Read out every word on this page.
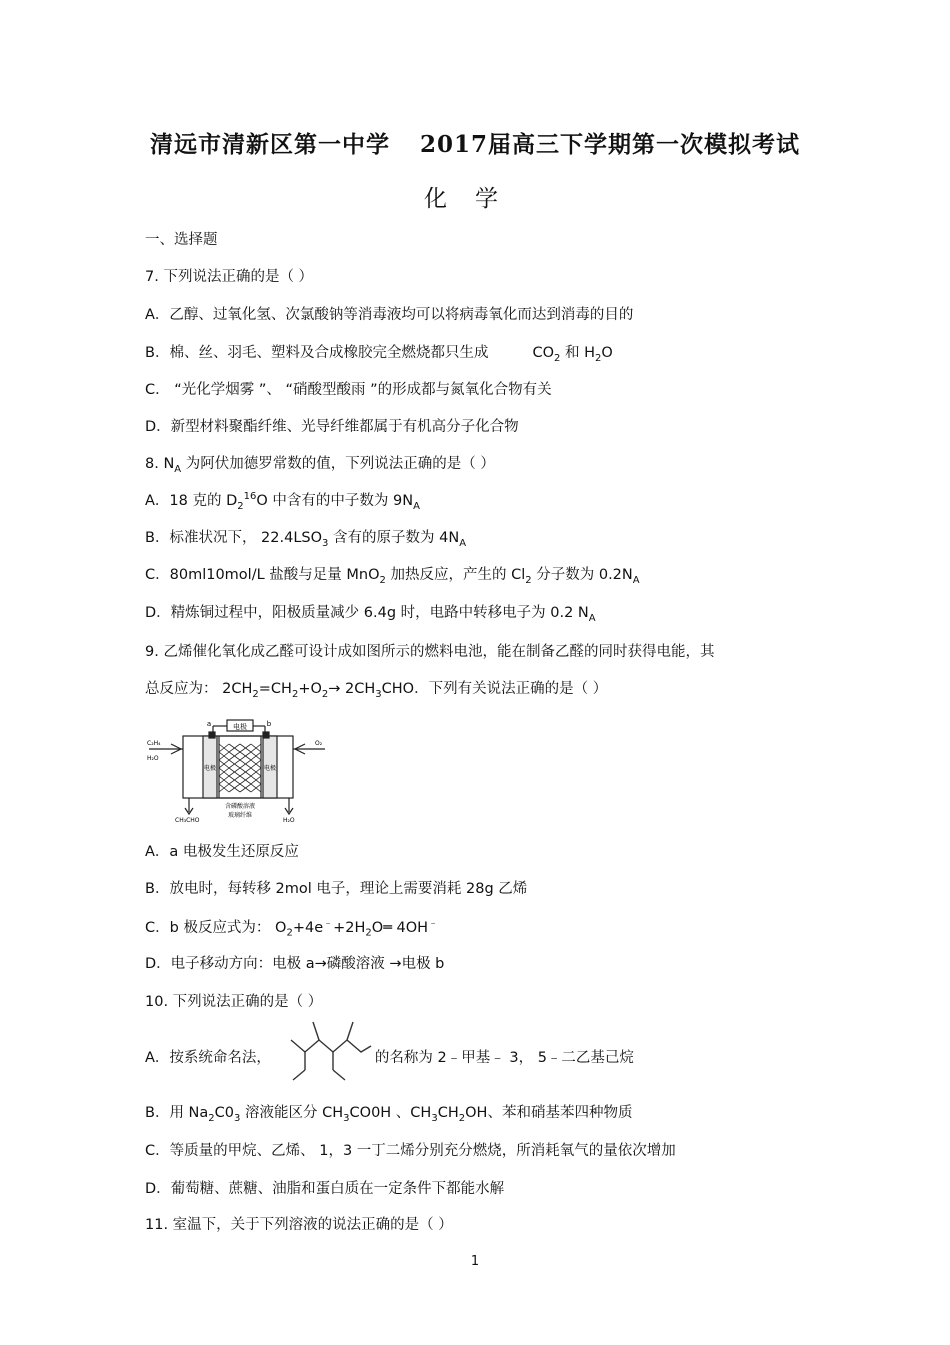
清远市清新区第一中学 2017届高三下学期第一次模拟考试
化学
一、选择题
7. 下列说法正确的是（ ）
A．乙醇、过氧化氢、次氯酸钠等消毒液均可以将病毒氧化而达到消毒的目的
B．棉、丝、羽毛、塑料及合成橡胶完全燃烧都只生成	$CO_2$ 和 $H_2O$
C． “光化学烟雾 ”、 “硝酸型酸雨 ”的形成都与氮氧化合物有关
D．新型材料聚酯纤维、光导纤维都属于有机高分子化合物
8. $N_A$ 为阿伏加德罗常数的值，下列说法正确的是（ ）
A．18 克的 $D_2^{16}O$ 中含有的中子数为 $9N_A$
B．标准状况下， $22.4LSO_3$ 含有的原子数为 $4N_A$
C．80ml10mol/L 盐酸与足量 MnO$_2$ 加热反应，产生的 $Cl_2$ 分子数为 $0.2N_A$
D．精炼铜过程中，阳极质量减少 6.4g 时，电路中转移电子为 0.2 $N_A$
9. 乙烯催化氧化成乙醛可设计成如图所示的燃料电池，能在制备乙醛的同时获得电能，其
总反应为： $2CH_2=CH_2+O_2\to 2CH_3CHO$．下列有关说法正确的是（ ）
电极
a	b
C₂H₄
H₂O
O₂
电极	电极
CH₃CHO	H₂O
含磷酸溶液
玻璃纤维
A．a 电极发生还原反应
B．放电时，每转移 2mol 电子，理论上需要消耗 28g 乙烯
C．b 极反应式为： $O_2+4e^﹣+2H_2O═$ 4OH﹣
D．电子移动方向：电极 a→磷酸溶液 →电极 b
10. 下列说法正确的是（ ）
A．按系统命名法，	的名称为 2﹣甲基﹣ 3， 5﹣二乙基己烷
B．用 $Na_2C0_3$ 溶液能区分 $CH_3CO0H$ 、$CH_3CH_2OH$、苯和硝基苯四种物质
C．等质量的甲烷、乙烯、 1，3 一丁二烯分别充分燃烧，所消耗氧气的量依次增加
D．葡萄糖、蔗糖、油脂和蛋白质在一定条件下都能水解
11. 室温下，关于下列溶液的说法正确的是（ ）
1
